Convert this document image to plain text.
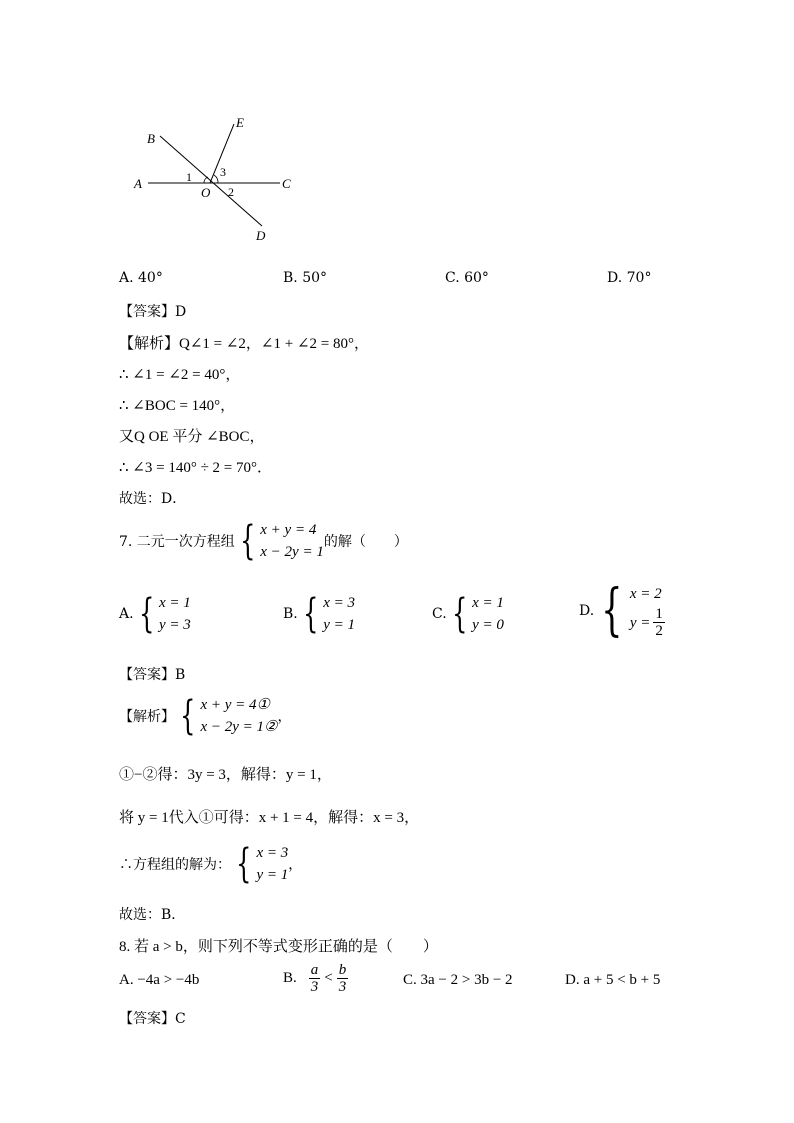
B
E
A	C
D
O
1
2
3
A. 40°	B. 50°	C. 60°	D. 70°
【答案】D
【解析】Q∠1 = ∠2，∠1 + ∠2 = 80°，
∴ ∠1 = ∠2 = 40°，
∴ ∠BOC = 140°，
又Q OE 平分 ∠BOC，
∴ ∠3 = 140° ÷ 2 = 70°．
故选：D．
7. 二元一次方程组 { x + y = 4
x − 2y = 1
的解（　　）
A. { x = 1
y = 3
B. { x = 3
y = 1
C. { x = 1
y = 0
D. { x = 2
$y = \frac{1}{2}$
【答案】B
【解析】 { x + y = 4①
x − 2y = 1②
，
①−②得：3y = 3，解得：y = 1，
将 y = 1代入①可得：x + 1 = 4，解得：x = 3，
∴方程组的解为： { x = 3
y = 1
，
故选：B．
8. 若 a > b，则下列不等式变形正确的是（　　）
A. −4a > −4b	B. $\frac{a}{3} < \frac{b}{3}$	C. 3a − 2 > 3b − 2	D. a + 5 < b + 5
【答案】C
